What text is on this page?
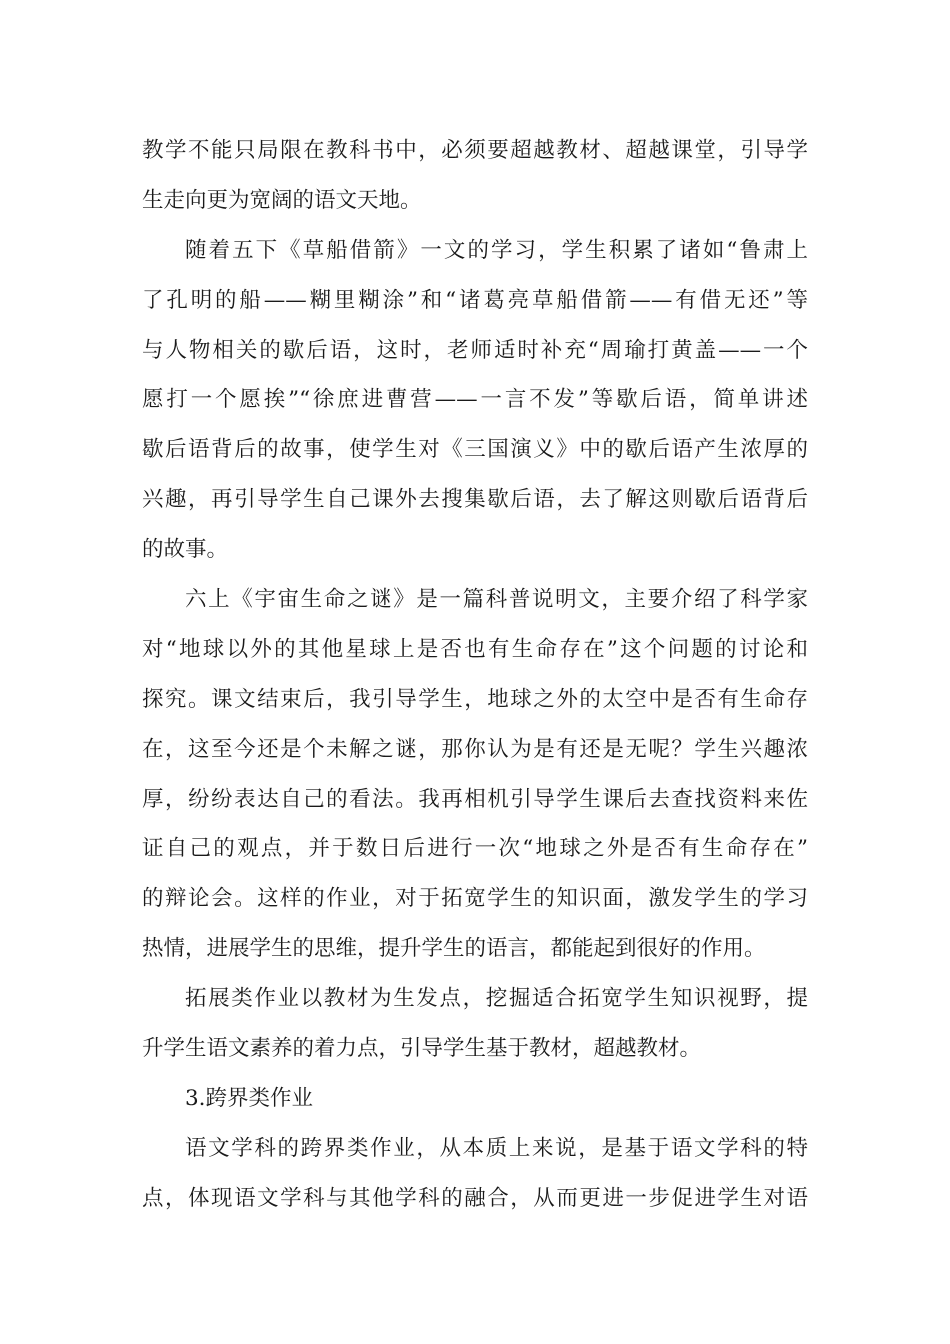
教学不能只局限在教科书中，必须要超越教材、超越课堂，引导学
生走向更为宽阔的语文天地。
随着五下《草船借箭》一文的学习，学生积累了诸如“鲁肃上
了孔明的船——糊里糊涂”和“诸葛亮草船借箭——有借无还”等
与人物相关的歇后语，这时，老师适时补充“周瑜打黄盖——一个
愿打一个愿挨”“徐庶进曹营——一言不发”等歇后语，简单讲述
歇后语背后的故事，使学生对《三国演义》中的歇后语产生浓厚的
兴趣，再引导学生自己课外去搜集歇后语，去了解这则歇后语背后
的故事。
六上《宇宙生命之谜》是一篇科普说明文，主要介绍了科学家
对“地球以外的其他星球上是否也有生命存在”这个问题的讨论和
探究。课文结束后，我引导学生，地球之外的太空中是否有生命存
在，这至今还是个未解之谜，那你认为是有还是无呢？学生兴趣浓
厚，纷纷表达自己的看法。我再相机引导学生课后去查找资料来佐
证自己的观点，并于数日后进行一次“地球之外是否有生命存在”
的辩论会。这样的作业，对于拓宽学生的知识面，激发学生的学习
热情，进展学生的思维，提升学生的语言，都能起到很好的作用。
拓展类作业以教材为生发点，挖掘适合拓宽学生知识视野，提
升学生语文素养的着力点，引导学生基于教材，超越教材。
3.跨界类作业
语文学科的跨界类作业，从本质上来说，是基于语文学科的特
点，体现语文学科与其他学科的融合，从而更进一步促进学生对语
